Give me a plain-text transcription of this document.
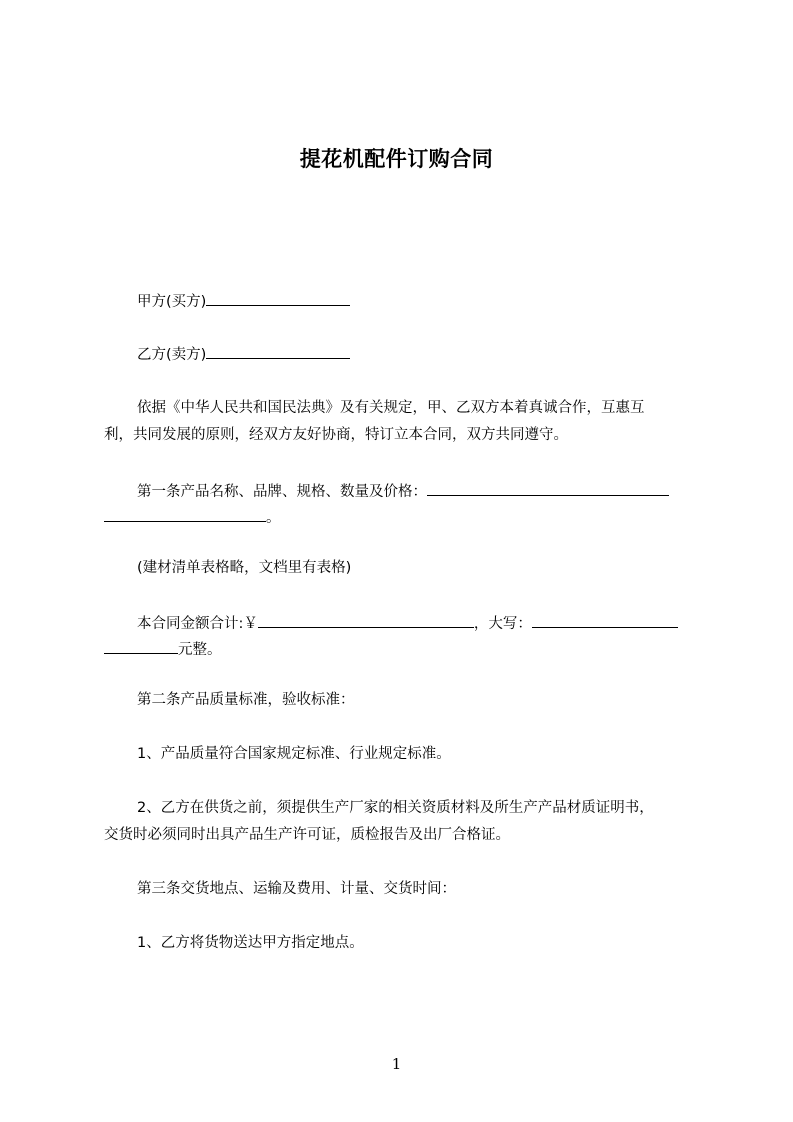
提花机配件订购合同
甲方(买方)
乙方(卖方)
依据《中华人民共和国民法典》及有关规定，甲、乙双方本着真诚合作，互惠互
利，共同发展的原则，经双方友好协商，特订立本合同，双方共同遵守。
第一条产品名称、品牌、规格、数量及价格：
。
(建材清单表格略，文档里有表格)
本合同金额合计:￥	，大写：
元整。
第二条产品质量标准，验收标准：
1、产品质量符合国家规定标准、行业规定标准。
2、乙方在供货之前，须提供生产厂家的相关资质材料及所生产产品材质证明书，
交货时必须同时出具产品生产许可证，质检报告及出厂合格证。
第三条交货地点、运输及费用、计量、交货时间：
1、乙方将货物送达甲方指定地点。
1
